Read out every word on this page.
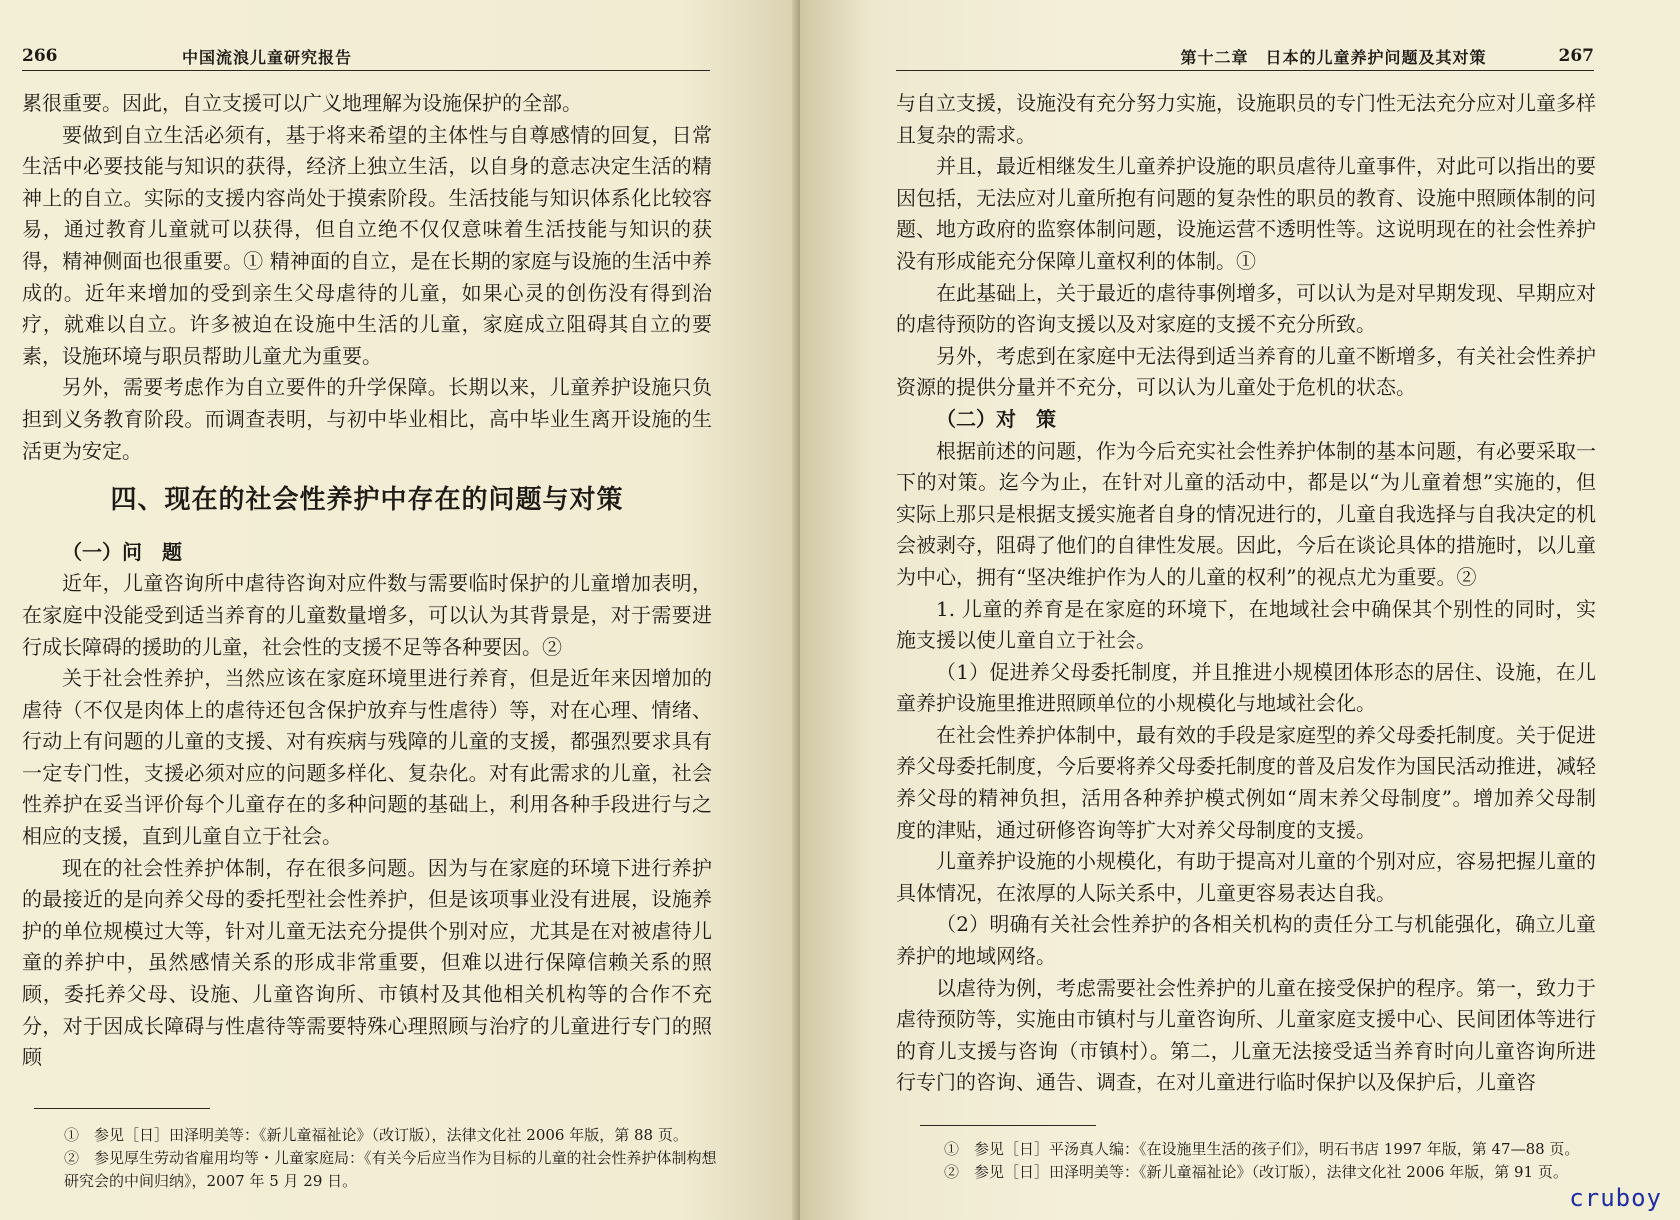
266	中国流浪儿童研究报告

累很重要。因此，自立支援可以广义地理解为设施保护的全部。

要做到自立生活必须有，基于将来希望的主体性与自尊感情的回复，日常生活中必要技能与知识的获得，经济上独立生活，以自身的意志决定生活的精神上的自立。实际的支援内容尚处于摸索阶段。生活技能与知识体系化比较容易，通过教育儿童就可以获得，但自立绝不仅仅意味着生活技能与知识的获得，精神侧面也很重要。① 精神面的自立，是在长期的家庭与设施的生活中养成的。近年来增加的受到亲生父母虐待的儿童，如果心灵的创伤没有得到治疗，就难以自立。许多被迫在设施中生活的儿童，家庭成立阻碍其自立的要素，设施环境与职员帮助儿童尤为重要。

另外，需要考虑作为自立要件的升学保障。长期以来，儿童养护设施只负担到义务教育阶段。而调查表明，与初中毕业相比，高中毕业生离开设施的生活更为安定。

四、现在的社会性养护中存在的问题与对策
（一）问　题

近年，儿童咨询所中虐待咨询对应件数与需要临时保护的儿童增加表明，在家庭中没能受到适当养育的儿童数量增多，可以认为其背景是，对于需要进行成长障碍的援助的儿童，社会性的支援不足等各种要因。②

关于社会性养护，当然应该在家庭环境里进行养育，但是近年来因增加的虐待（不仅是肉体上的虐待还包含保护放弃与性虐待）等，对在心理、情绪、行动上有问题的儿童的支援、对有疾病与残障的儿童的支援，都强烈要求具有一定专门性，支援必须对应的问题多样化、复杂化。对有此需求的儿童，社会性养护在妥当评价每个儿童存在的多种问题的基础上，利用各种手段进行与之相应的支援，直到儿童自立于社会。

现在的社会性养护体制，存在很多问题。因为与在家庭的环境下进行养护的最接近的是向养父母的委托型社会性养护，但是该项事业没有进展，设施养护的单位规模过大等，针对儿童无法充分提供个别对应，尤其是在对被虐待儿童的养护中，虽然感情关系的形成非常重要，但难以进行保障信赖关系的照顾，委托养父母、设施、儿童咨询所、市镇村及其他相关机构等的合作不充分，对于因成长障碍与性虐待等需要特殊心理照顾与治疗的儿童进行专门的照顾

①　参见［日］田泽明美等：《新儿童福祉论》（改订版），法律文化社 2006 年版，第 88 页。

②　参见厚生劳动省雇用均等・儿童家庭局：《有关今后应当作为目标的儿童的社会性养护体制构想研究会的中间归纳》，2007 年 5 月 29 日。

第十二章　日本的儿童养护问题及其对策	267

与自立支援，设施没有充分努力实施，设施职员的专门性无法充分应对儿童多样且复杂的需求。

并且，最近相继发生儿童养护设施的职员虐待儿童事件，对此可以指出的要因包括，无法应对儿童所抱有问题的复杂性的职员的教育、设施中照顾体制的问题、地方政府的监察体制问题，设施运营不透明性等。这说明现在的社会性养护没有形成能充分保障儿童权利的体制。①

在此基础上，关于最近的虐待事例增多，可以认为是对早期发现、早期应对的虐待预防的咨询支援以及对家庭的支援不充分所致。

另外，考虑到在家庭中无法得到适当养育的儿童不断增多，有关社会性养护资源的提供分量并不充分，可以认为儿童处于危机的状态。

（二）对　策

根据前述的问题，作为今后充实社会性养护体制的基本问题，有必要采取一下的对策。迄今为止，在针对儿童的活动中，都是以“为儿童着想”实施的，但实际上那只是根据支援实施者自身的情况进行的，儿童自我选择与自我决定的机会被剥夺，阻碍了他们的自律性发展。因此，今后在谈论具体的措施时，以儿童为中心，拥有“坚决维护作为人的儿童的权利”的视点尤为重要。②

1. 儿童的养育是在家庭的环境下，在地域社会中确保其个别性的同时，实施支援以使儿童自立于社会。

（1）促进养父母委托制度，并且推进小规模团体形态的居住、设施，在儿童养护设施里推进照顾单位的小规模化与地域社会化。

在社会性养护体制中，最有效的手段是家庭型的养父母委托制度。关于促进养父母委托制度，今后要将养父母委托制度的普及启发作为国民活动推进，减轻养父母的精神负担，活用各种养护模式例如“周末养父母制度”。增加养父母制度的津贴，通过研修咨询等扩大对养父母制度的支援。

儿童养护设施的小规模化，有助于提高对儿童的个别对应，容易把握儿童的具体情况，在浓厚的人际关系中，儿童更容易表达自我。

（2）明确有关社会性养护的各相关机构的责任分工与机能强化，确立儿童养护的地域网络。

以虐待为例，考虑需要社会性养护的儿童在接受保护的程序。第一，致力于虐待预防等，实施由市镇村与儿童咨询所、儿童家庭支援中心、民间团体等进行的育儿支援与咨询（市镇村）。第二，儿童无法接受适当养育时向儿童咨询所进行专门的咨询、通告、调查，在对儿童进行临时保护以及保护后，儿童咨

①　参见［日］平汤真人编：《在设施里生活的孩子们》，明石书店 1997 年版，第 47—88 页。

②　参见［日］田泽明美等：《新儿童福祉论》（改订版），法律文化社 2006 年版，第 91 页。

cruboy
